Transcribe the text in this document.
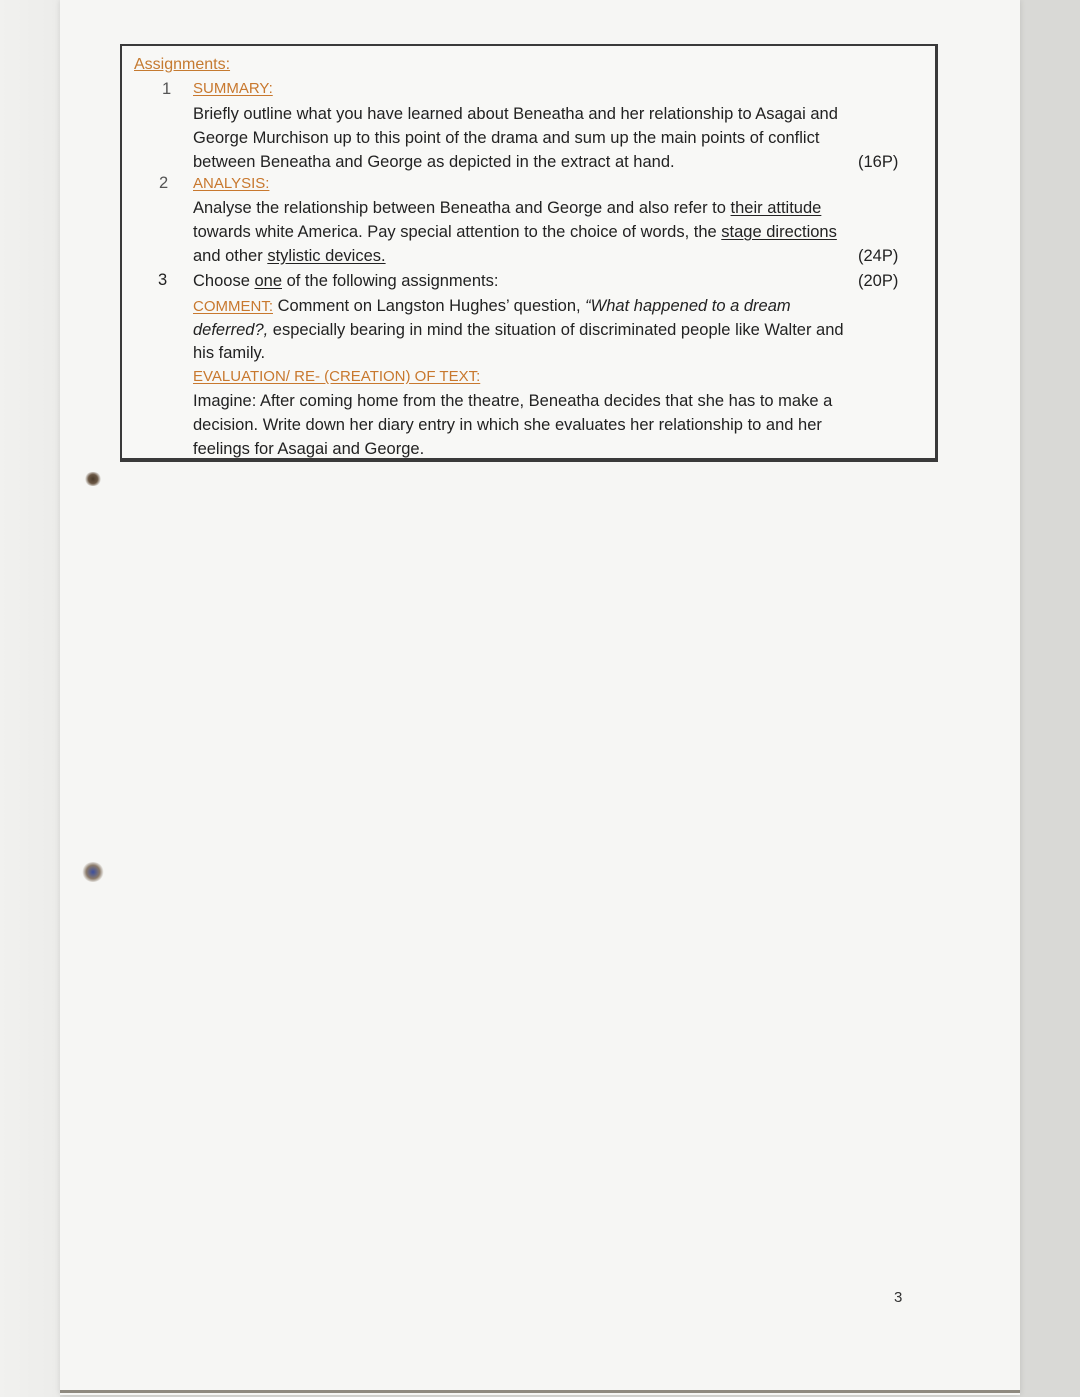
Assignments:
1 SUMMARY:
Briefly outline what you have learned about Beneatha and her relationship to Asagai and
George Murchison up to this point of the drama and sum up the main points of conflict
between Beneatha and George as depicted in the extract at hand.	(16P)
2 ANALYSIS:
Analyse the relationship between Beneatha and George and also refer to their attitude
towards white America. Pay special attention to the choice of words, the stage directions
and other stylistic devices.	(24P)
3 Choose one of the following assignments:	(20P)
COMMENT: Comment on Langston Hughes’ question, “What happened to a dream
deferred?, especially bearing in mind the situation of discriminated people like Walter and
his family.
EVALUATION/ RE- (CREATION) OF TEXT:
Imagine: After coming home from the theatre, Beneatha decides that she has to make a
decision. Write down her diary entry in which she evaluates her relationship to and her
feelings for Asagai and George.
3
